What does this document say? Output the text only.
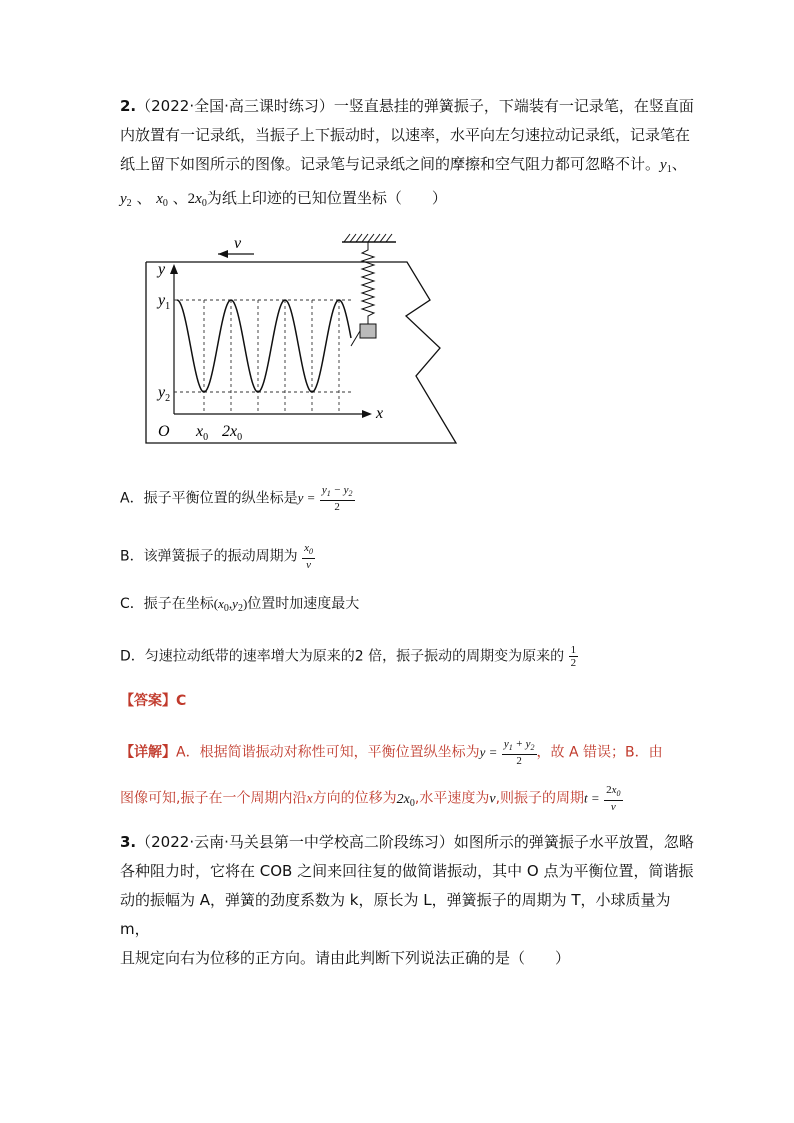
2.（2022·全国·高三课时练习）一竖直悬挂的弹簧振子，下端装有一记录笔，在竖直面
内放置有一记录纸，当振子上下振动时，以速率，水平向左匀速拉动记录纸，记录笔在
纸上留下如图所示的图像。记录笔与记录纸之间的摩擦和空气阻力都可忽略不计。$y_1$、
$y_2$ 、 $x_0$ 、$2x_0$为纸上印迹的已知位置坐标（　　）
v
y
x
O
$y_1$
$y_2$
$x_0$ $2x_0$
A．振子平衡位置的纵坐标是$y = \frac{y_1 - y_2}{2}$
B．该弹簧振子的振动周期为 $\frac{x_0}{v}$
C．振子在坐标$(x_0,y_2)$位置时加速度最大
D．匀速拉动纸带的速率增大为原来的2 倍，振子振动的周期变为原来的 $\frac{1}{2}$
【答案】C
【详解】A．根据简谐振动对称性可知，平衡位置纵坐标为$y = \frac{y_1 + y_2}{2}$ ，故 A 错误；B．由
图像可知,振子在一个周期内沿x方向的位移为$2x_0$,水平速度为v,则振子的周期$t = \frac{2x_0}{v}$
3.（2022·云南·马关县第一中学校高二阶段练习）如图所示的弹簧振子水平放置，忽略
各种阻力时，它将在 COB 之间来回往复的做简谐振动，其中 O 点为平衡位置，简谐振
动的振幅为 A，弹簧的劲度系数为 k，原长为 L，弹簧振子的周期为 T，小球质量为 m，
且规定向右为位移的正方向。请由此判断下列说法正确的是（　　）
